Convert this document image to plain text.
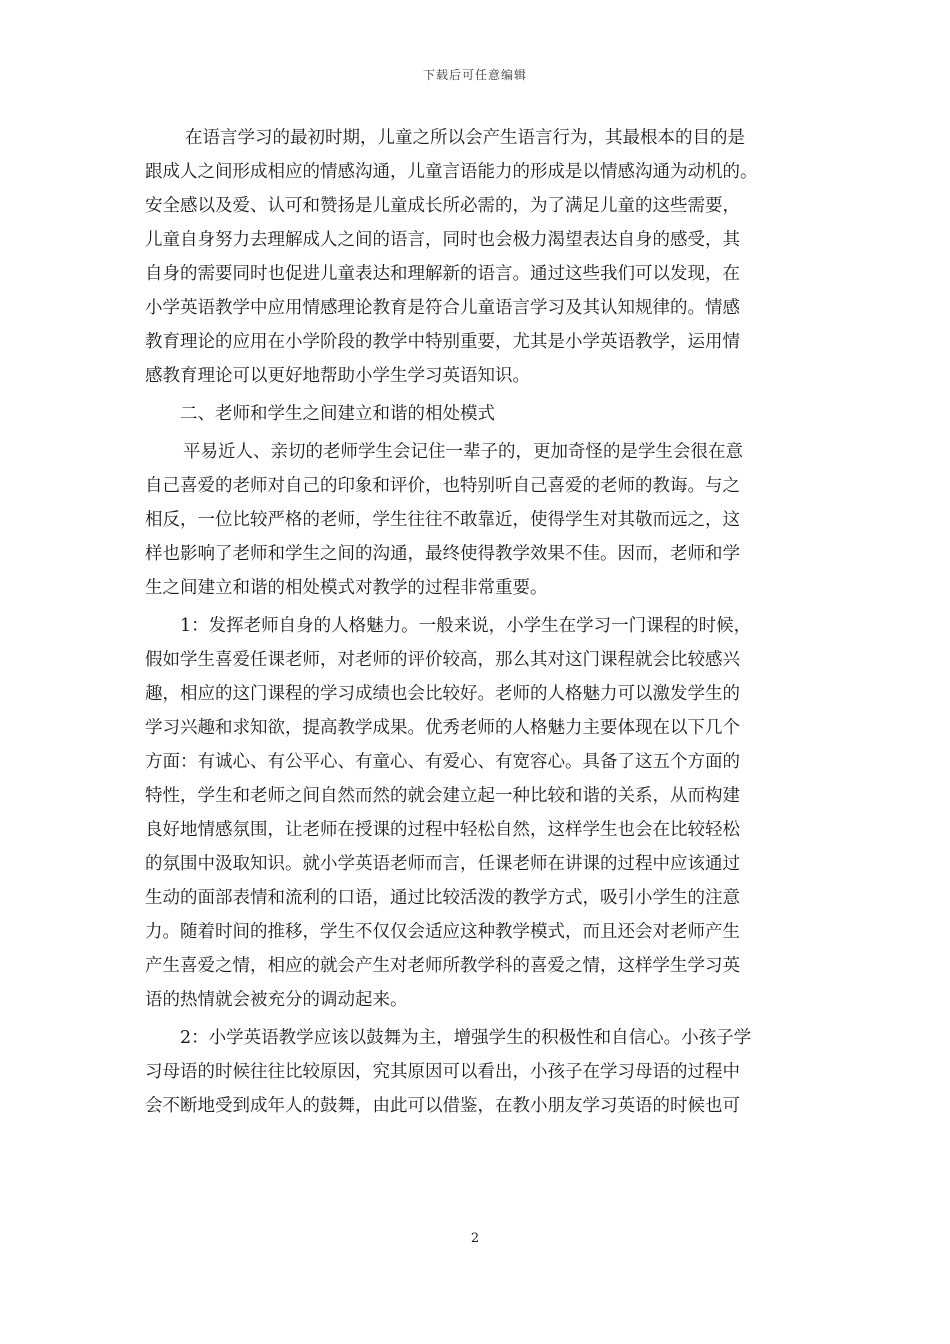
下载后可任意编辑
在语言学习的最初时期，儿童之所以会产生语言行为，其最根本的目的是
跟成人之间形成相应的情感沟通，儿童言语能力的形成是以情感沟通为动机的。
安全感以及爱、认可和赞扬是儿童成长所必需的，为了满足儿童的这些需要，
儿童自身努力去理解成人之间的语言，同时也会极力渴望表达自身的感受，其
自身的需要同时也促进儿童表达和理解新的语言。通过这些我们可以发现，在
小学英语教学中应用情感理论教育是符合儿童语言学习及其认知规律的。情感
教育理论的应用在小学阶段的教学中特别重要，尤其是小学英语教学，运用情
感教育理论可以更好地帮助小学生学习英语知识。
二、老师和学生之间建立和谐的相处模式
平易近人、亲切的老师学生会记住一辈子的，更加奇怪的是学生会很在意
自己喜爱的老师对自己的印象和评价，也特别听自己喜爱的老师的教诲。与之
相反，一位比较严格的老师，学生往往不敢靠近，使得学生对其敬而远之，这
样也影响了老师和学生之间的沟通，最终使得教学效果不佳。因而，老师和学
生之间建立和谐的相处模式对教学的过程非常重要。
1：发挥老师自身的人格魅力。一般来说，小学生在学习一门课程的时候，
假如学生喜爱任课老师，对老师的评价较高，那么其对这门课程就会比较感兴
趣，相应的这门课程的学习成绩也会比较好。老师的人格魅力可以激发学生的
学习兴趣和求知欲，提高教学成果。优秀老师的人格魅力主要体现在以下几个
方面：有诚心、有公平心、有童心、有爱心、有宽容心。具备了这五个方面的
特性，学生和老师之间自然而然的就会建立起一种比较和谐的关系，从而构建
良好地情感氛围，让老师在授课的过程中轻松自然，这样学生也会在比较轻松
的氛围中汲取知识。就小学英语老师而言，任课老师在讲课的过程中应该通过
生动的面部表情和流利的口语，通过比较活泼的教学方式，吸引小学生的注意
力。随着时间的推移，学生不仅仅会适应这种教学模式，而且还会对老师产生
产生喜爱之情，相应的就会产生对老师所教学科的喜爱之情，这样学生学习英
语的热情就会被充分的调动起来。
2：小学英语教学应该以鼓舞为主，增强学生的积极性和自信心。小孩子学
习母语的时候往往比较原因，究其原因可以看出，小孩子在学习母语的过程中
会不断地受到成年人的鼓舞，由此可以借鉴，在教小朋友学习英语的时候也可
2
